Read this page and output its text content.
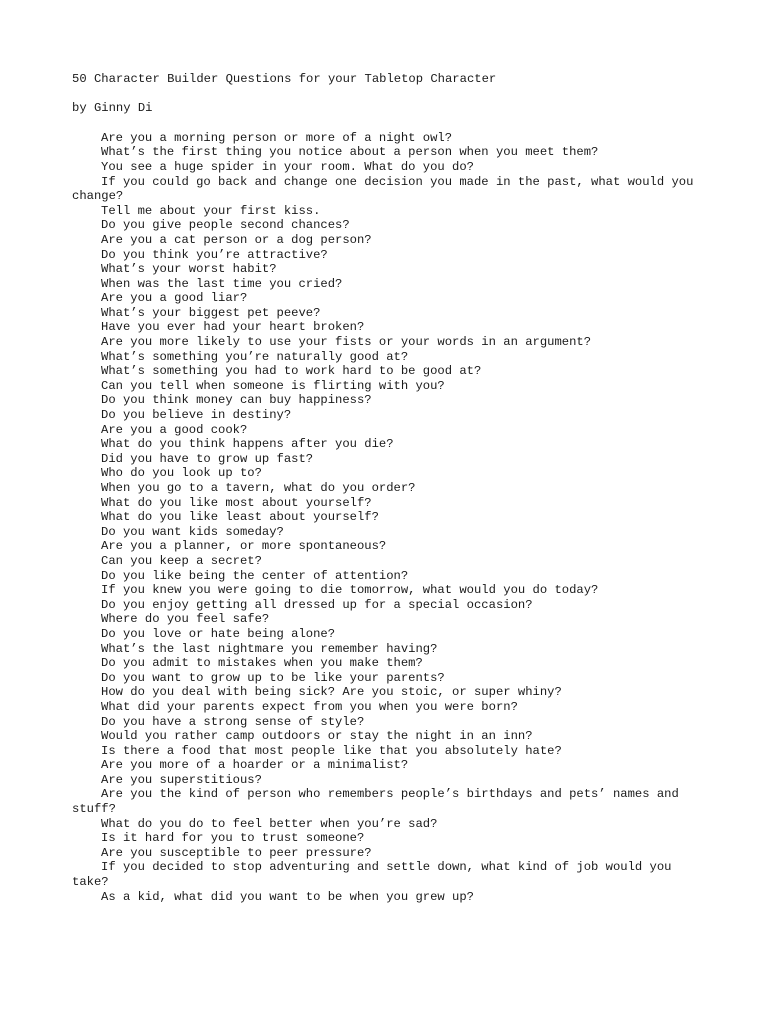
50 Character Builder Questions for your Tabletop Character
by Ginny Di

Are you a morning person or more of a night owl?

What’s the first thing you notice about a person when you meet them?

You see a huge spider in your room. What do you do?

If you could go back and change one decision you made in the past, what would you change?

Tell me about your first kiss.

Do you give people second chances?

Are you a cat person or a dog person?

Do you think you’re attractive?

What’s your worst habit?

When was the last time you cried?

Are you a good liar?

What’s your biggest pet peeve?

Have you ever had your heart broken?

Are you more likely to use your fists or your words in an argument?

What’s something you’re naturally good at?

What’s something you had to work hard to be good at?

Can you tell when someone is flirting with you?

Do you think money can buy happiness?

Do you believe in destiny?

Are you a good cook?

What do you think happens after you die?

Did you have to grow up fast?

Who do you look up to?

When you go to a tavern, what do you order?

What do you like most about yourself?

What do you like least about yourself?

Do you want kids someday?

Are you a planner, or more spontaneous?

Can you keep a secret?

Do you like being the center of attention?

If you knew you were going to die tomorrow, what would you do today?

Do you enjoy getting all dressed up for a special occasion?

Where do you feel safe?

Do you love or hate being alone?

What’s the last nightmare you remember having?

Do you admit to mistakes when you make them?

Do you want to grow up to be like your parents?

How do you deal with being sick? Are you stoic, or super whiny?

What did your parents expect from you when you were born?

Do you have a strong sense of style?

Would you rather camp outdoors or stay the night in an inn?

Is there a food that most people like that you absolutely hate?

Are you more of a hoarder or a minimalist?

Are you superstitious?

Are you the kind of person who remembers people’s birthdays and pets’ names and stuff?

What do you do to feel better when you’re sad?

Is it hard for you to trust someone?

Are you susceptible to peer pressure?

If you decided to stop adventuring and settle down, what kind of job would you take?

As a kid, what did you want to be when you grew up?
